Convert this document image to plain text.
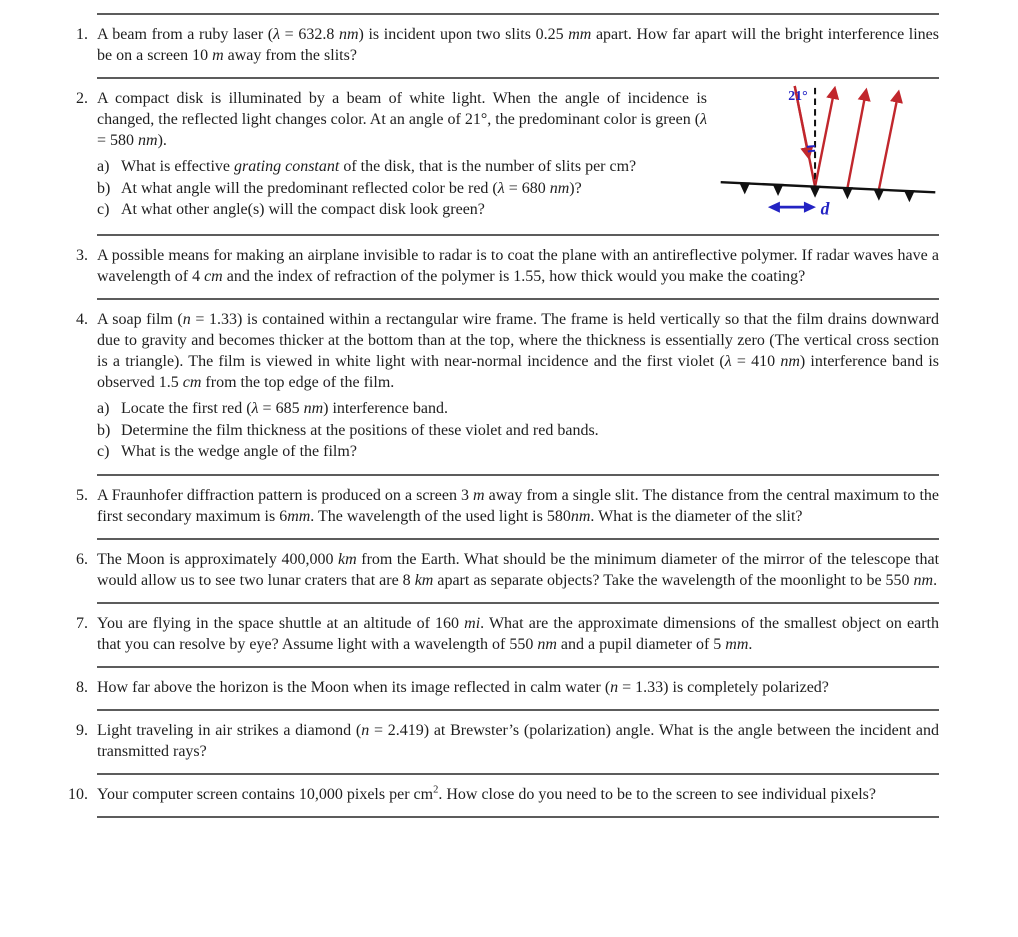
1. A beam from a ruby laser (λ = 632.8 nm) is incident upon two slits 0.25 mm apart. How far apart will the bright interference lines be on a screen 10 m away from the slits?

2. A compact disk is illuminated by a beam of white light. When the angle of incidence is changed, the reflected light changes color. At an angle of 21°, the predominant color is green (λ = 580 nm).

a) What is effective grating constant of the disk, that is the number of slits per cm?
b) At what angle will the predominant reflected color be red (λ = 680 nm)?
c) At what other angle(s) will the compact disk look green?
21°
d
3. A possible means for making an airplane invisible to radar is to coat the plane with an antireflective polymer. If radar waves have a wavelength of 4 cm and the index of refraction of the polymer is 1.55, how thick would you make the coating?

4. A soap film (n = 1.33) is contained within a rectangular wire frame. The frame is held vertically so that the film drains downward due to gravity and becomes thicker at the bottom than at the top, where the thickness is essentially zero (The vertical cross section is a triangle). The film is viewed in white light with near-normal incidence and the first violet (λ = 410 nm) interference band is observed 1.5 cm from the top edge of the film.

a) Locate the first red (λ = 685 nm) interference band.
b) Determine the film thickness at the positions of these violet and red bands.
c) What is the wedge angle of the film?
5. A Fraunhofer diffraction pattern is produced on a screen 3 m away from a single slit. The distance from the central maximum to the first secondary maximum is 6mm. The wavelength of the used light is 580nm. What is the diameter of the slit?

6. The Moon is approximately 400,000 km from the Earth. What should be the minimum diameter of the mirror of the telescope that would allow us to see two lunar craters that are 8 km apart as separate objects? Take the wavelength of the moonlight to be 550 nm.

7. You are flying in the space shuttle at an altitude of 160 mi. What are the approximate dimensions of the smallest object on earth that you can resolve by eye? Assume light with a wavelength of 550 nm and a pupil diameter of 5 mm.

8. How far above the horizon is the Moon when its image reflected in calm water (n = 1.33) is completely polarized?

9. Light traveling in air strikes a diamond (n = 2.419) at Brewster’s (polarization) angle. What is the angle between the incident and transmitted rays?

10. Your computer screen contains 10,000 pixels per $cm^2$. How close do you need to be to the screen to see individual pixels?
